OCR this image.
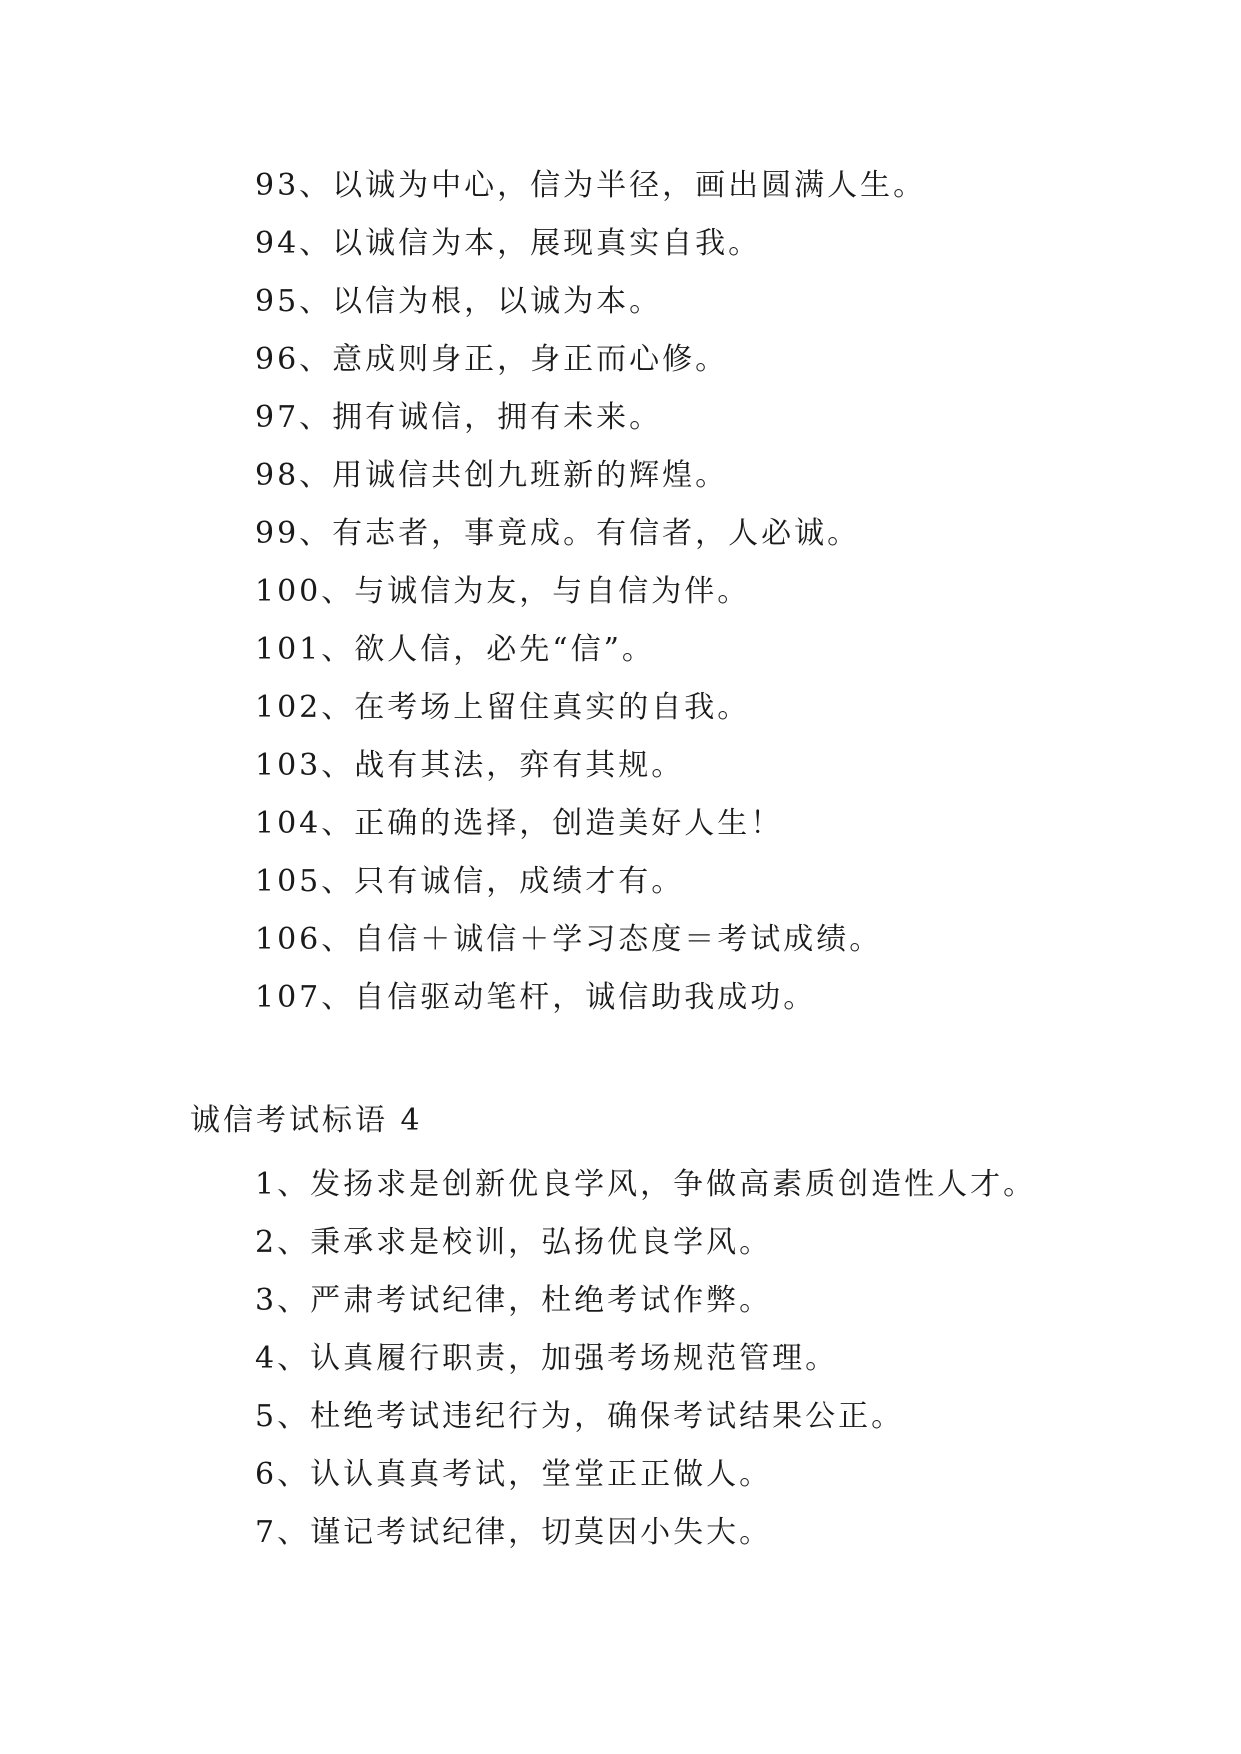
93、以诚为中心，信为半径，画出圆满人生。
94、以诚信为本，展现真实自我。
95、以信为根，以诚为本。
96、意成则身正，身正而心修。
97、拥有诚信，拥有未来。
98、用诚信共创九班新的辉煌。
99、有志者，事竟成。有信者，人必诚。
100、与诚信为友，与自信为伴。
101、欲人信，必先“信”。
102、在考场上留住真实的自我。
103、战有其法，弈有其规。
104、正确的选择，创造美好人生！
105、只有诚信，成绩才有。
106、自信＋诚信＋学习态度＝考试成绩。
107、自信驱动笔杆，诚信助我成功。
诚信考试标语 4
1、发扬求是创新优良学风，争做高素质创造性人才。
2、秉承求是校训，弘扬优良学风。
3、严肃考试纪律，杜绝考试作弊。
4、认真履行职责，加强考场规范管理。
5、杜绝考试违纪行为，确保考试结果公正。
6、认认真真考试，堂堂正正做人。
7、谨记考试纪律，切莫因小失大。
